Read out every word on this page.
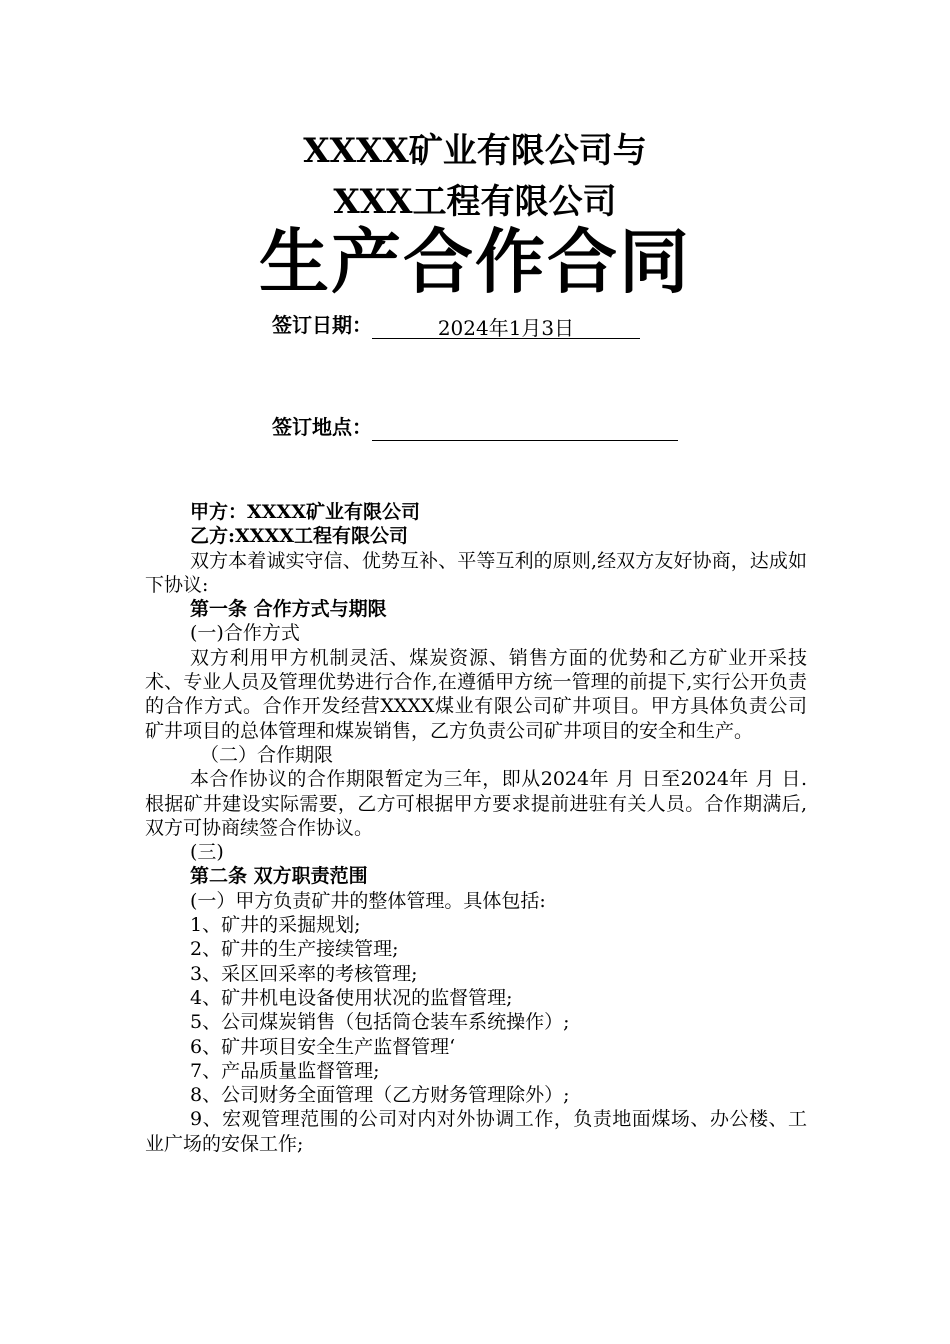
XXXX矿业有限公司与
XXX工程有限公司
生产合作合同
签订日期：	2024年1月3日
签订地点：

甲方：XXXX矿业有限公司

乙方:XXXX工程有限公司

双方本着诚实守信、优势互补、平等互利的原则,经双方友好协商，达成如下协议:

第一条 合作方式与期限

(一)合作方式

双方利用甲方机制灵活、煤炭资源、销售方面的优势和乙方矿业开采技术、专业人员及管理优势进行合作,在遵循甲方统一管理的前提下,实行公开负责的合作方式。合作开发经营XXXX煤业有限公司矿井项目。甲方具体负责公司矿井项目的总体管理和煤炭销售，乙方负责公司矿井项目的安全和生产。

（二）合作期限

本合作协议的合作期限暂定为三年，即从2024年 月 日至2024年 月 日.根据矿井建设实际需要，乙方可根据甲方要求提前进驻有关人员。合作期满后,双方可协商续签合作协议。

(三)

第二条 双方职责范围

(一）甲方负责矿井的整体管理。具体包括:

1、矿井的采掘规划;

2、矿井的生产接续管理;

3、采区回采率的考核管理;

4、矿井机电设备使用状况的监督管理;

5、公司煤炭销售（包括筒仓装车系统操作）;

6、矿井项目安全生产监督管理‘

7、产品质量监督管理;

8、公司财务全面管理（乙方财务管理除外）;

9、宏观管理范围的公司对内对外协调工作，负责地面煤场、办公楼、工业广场的安保工作;
